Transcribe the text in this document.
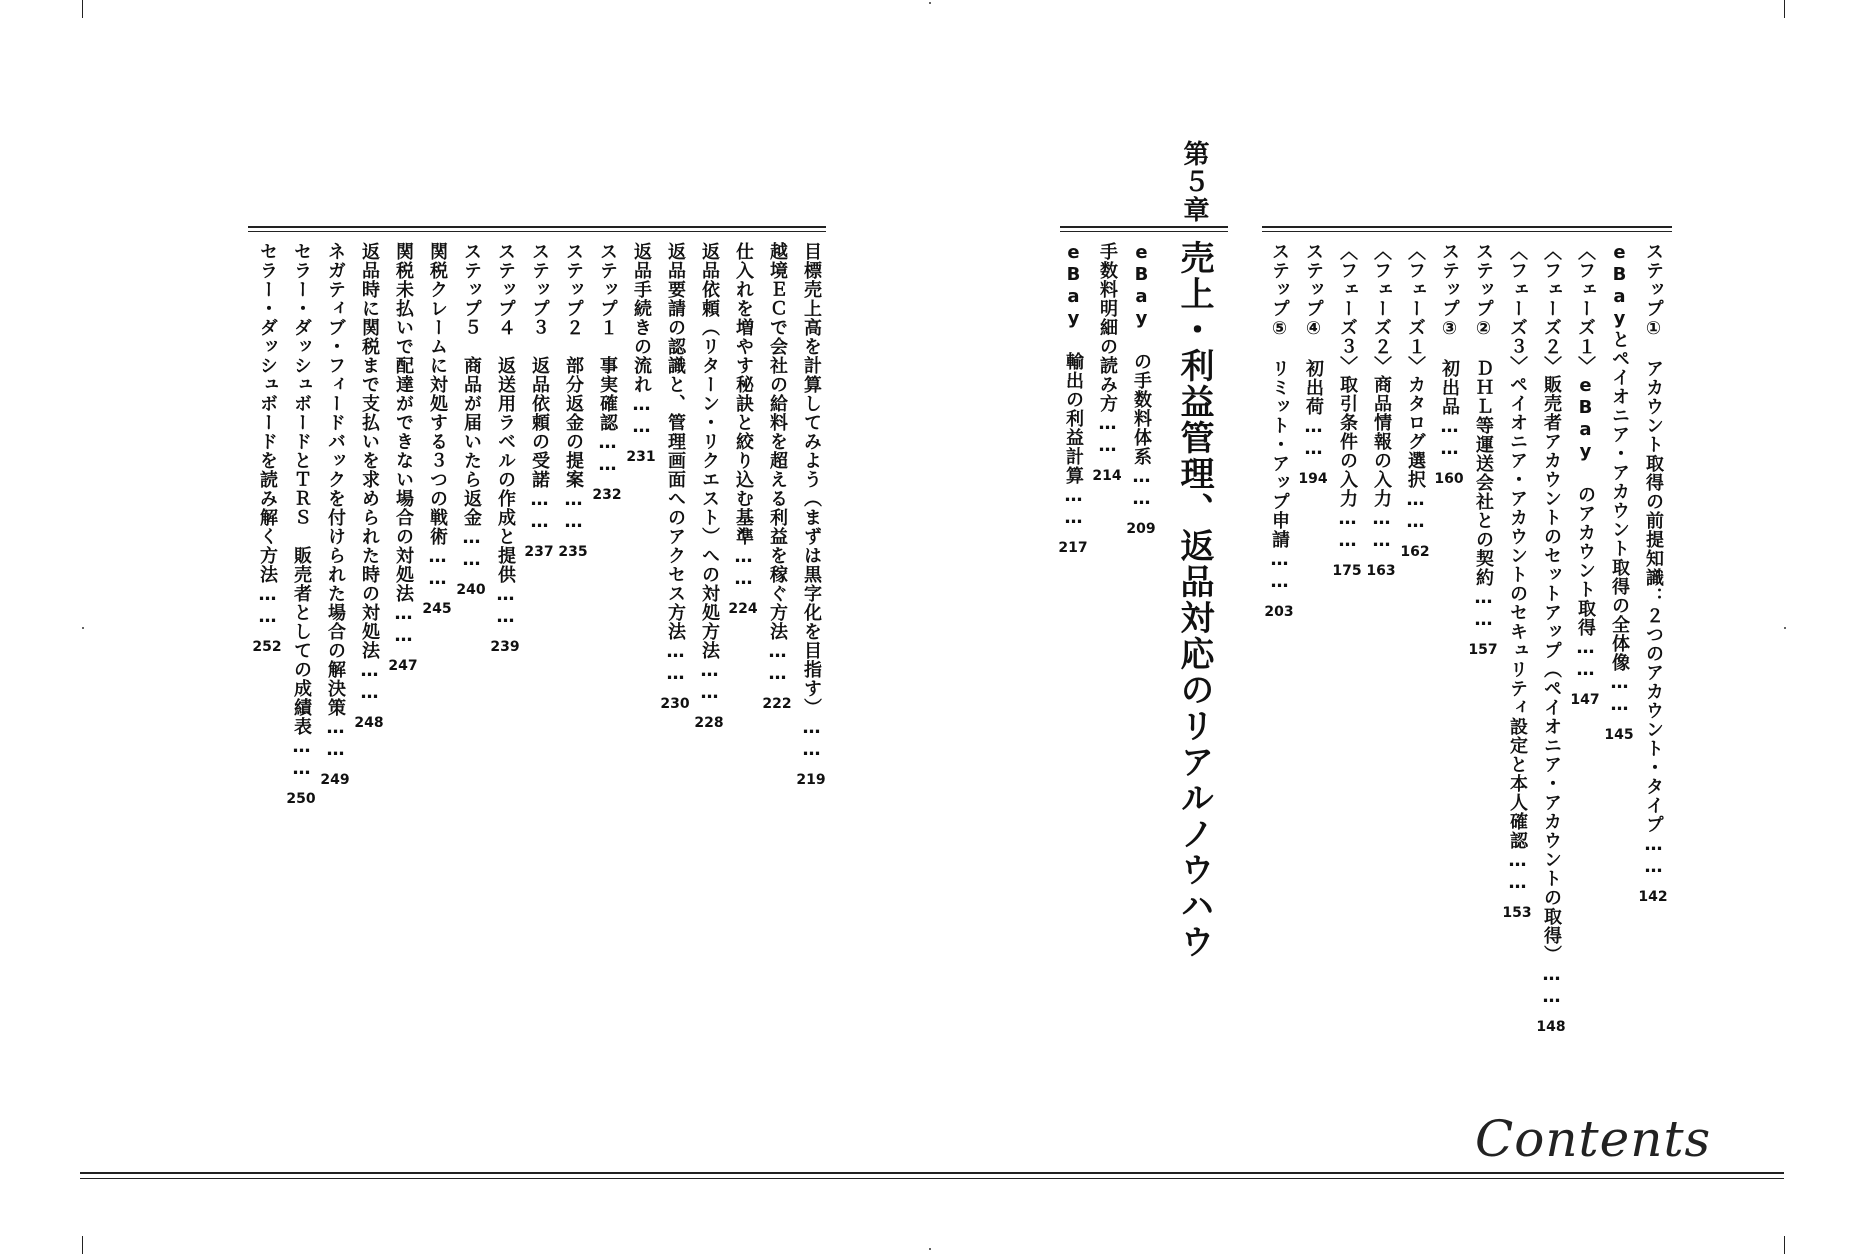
ステップ①　アカウント取得の前提知識：２つのアカウント・タイプ……142
eBayとペイオニア・アカウント取得の全体像……145
〈フェーズ１〉eBay のアカウント取得……147
〈フェーズ２〉販売者アカウントのセットアップ（ペイオニア・アカウントの取得）……148
〈フェーズ３〉ペイオニア・アカウントのセキュリティ設定と本人確認……153
ステップ②　ＤＨＬ等運送会社との契約……157
ステップ③　初出品……160
〈フェーズ１〉カタログ選択……162
〈フェーズ２〉商品情報の入力……163
〈フェーズ３〉取引条件の入力……175
ステップ④　初出荷……194
ステップ⑤　リミット・アップ申請……203
第５章
売上・利益管理、返品対応のリアルノウハウ
eBay の手数料体系……209
手数料明細の読み方……214
eBay 輸出の利益計算……217
目標売上高を計算してみよう（まずは黒字化を目指す）……219
越境ＥＣで会社の給料を超える利益を稼ぐ方法……222
仕入れを増やす秘訣と絞り込む基準……224
返品依頼（リターン・リクエスト）への対処方法……228
返品要請の認識と、管理画面へのアクセス方法……230
返品手続きの流れ……231
ステップ１　事実確認……232
ステップ２　部分返金の提案……235
ステップ３　返品依頼の受諾……237
ステップ４　返送用ラベルの作成と提供……239
ステップ５　商品が届いたら返金……240
関税クレームに対処する３つの戦術……245
関税未払いで配達ができない場合の対処法……247
返品時に関税まで支払いを求められた時の対処法……248
ネガティブ・フィードバックを付けられた場合の解決策……249
セラー・ダッシュボードとＴＲＳ　販売者としての成績表……250
セラー・ダッシュボードを読み解く方法……252
Contents
